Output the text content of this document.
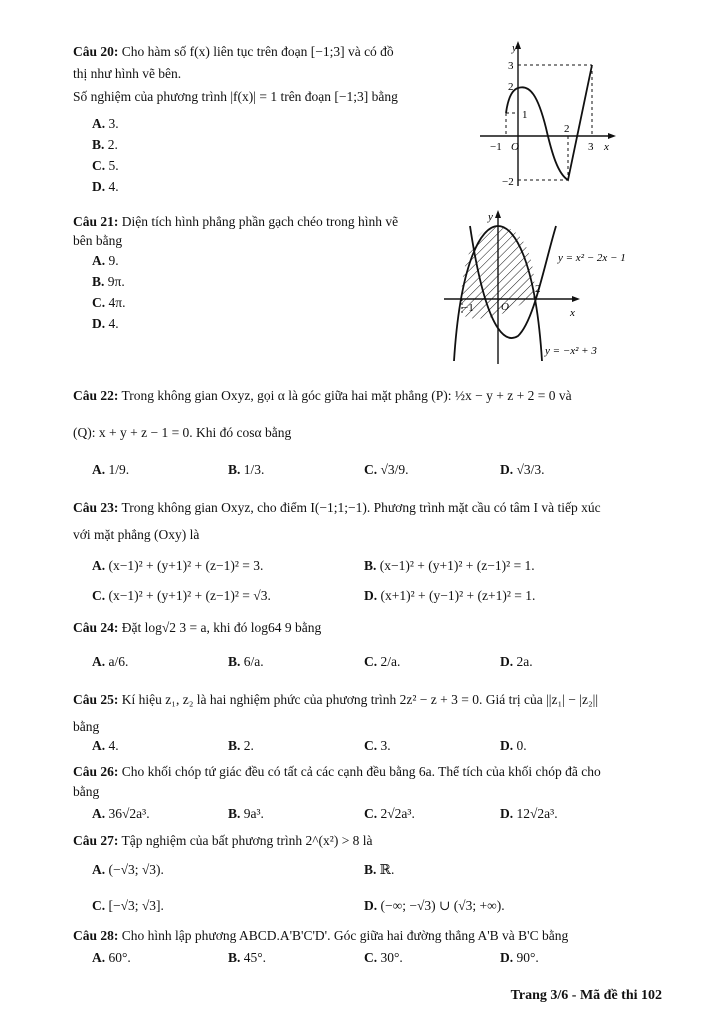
Câu 20: Cho hàm số f(x) liên tục trên đoạn [−1;3] và có đồ
thị như hình vẽ bên.
Số nghiệm của phương trình |f(x)| = 1 trên đoạn [−1;3] bằng
A. 3.
B. 2.
C. 5.
D. 4.
y
3
2
1
−2
−1 O
2
3 x
Câu 21: Diện tích hình phẳng phần gạch chéo trong hình vẽ
bên bằng
A. 9.
B. 9π.
C. 4π.
D. 4.
y
−1 O
2
x
y = x² − 2x − 1
y = −x² + 3
Câu 22: Trong không gian Oxyz, gọi α là góc giữa hai mặt phẳng (P): ½x − y + z + 2 = 0 và
(Q): x + y + z − 1 = 0. Khi đó cosα bằng
A. 1/9.	B. 1/3.	C. √3/9.	D. √3/3.
Câu 23: Trong không gian Oxyz, cho điểm I(−1;1;−1). Phương trình mặt cầu có tâm I và tiếp xúc
với mặt phẳng (Oxy) là
A. (x−1)² + (y+1)² + (z−1)² = 3.	B. (x−1)² + (y+1)² + (z−1)² = 1.
C. (x−1)² + (y+1)² + (z−1)² = √3.	D. (x+1)² + (y−1)² + (z+1)² = 1.
Câu 24: Đặt log√2 3 = a, khi đó log64 9 bằng
A. a/6.	B. 6/a.	C. 2/a.	D. 2a.
Câu 25: Kí hiệu z₁, z₂ là hai nghiệm phức của phương trình 2z² − z + 3 = 0. Giá trị của ||z₁| − |z₂||
bằng
A. 4.	B. 2.	C. 3.	D. 0.
Câu 26: Cho khối chóp tứ giác đều có tất cả các cạnh đều bằng 6a. Thể tích của khối chóp đã cho
bằng
A. 36√2a³.	B. 9a³.	C. 2√2a³.	D. 12√2a³.
Câu 27: Tập nghiệm của bất phương trình 2^(x²) > 8 là
A. (−√3; √3).	B. ℝ.
C. [−√3; √3].	D. (−∞; −√3) ∪ (√3; +∞).
Câu 28: Cho hình lập phương ABCD.A'B'C'D'. Góc giữa hai đường thẳng A'B và B'C bằng
A. 60°.	B. 45°.	C. 30°.	D. 90°.
Trang 3/6 - Mã đề thi 102
